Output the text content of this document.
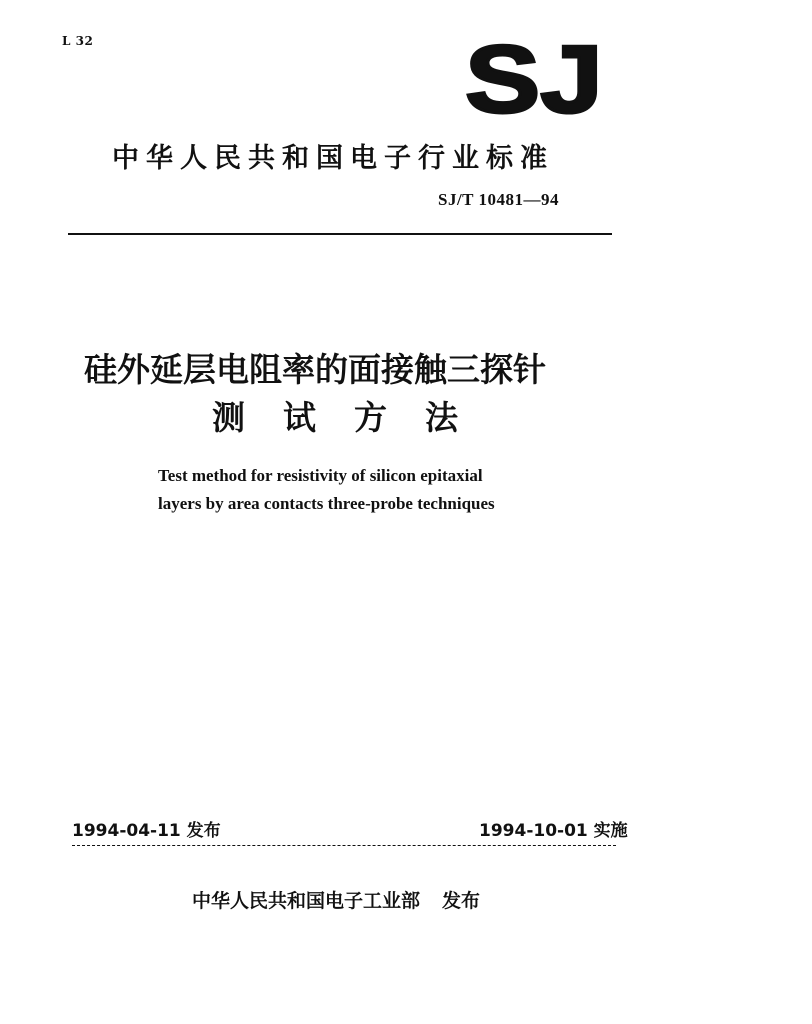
L 32	SJ
中华人民共和国电子行业标准
SJ/T 10481—94
硅外延层电阻率的面接触三探针
测试方法
Test method for resistivity of silicon epitaxial
layers by area contacts three-probe techniques
1994-04-11 发布	1994-10-01 实施
中华人民共和国电子工业部 发布
